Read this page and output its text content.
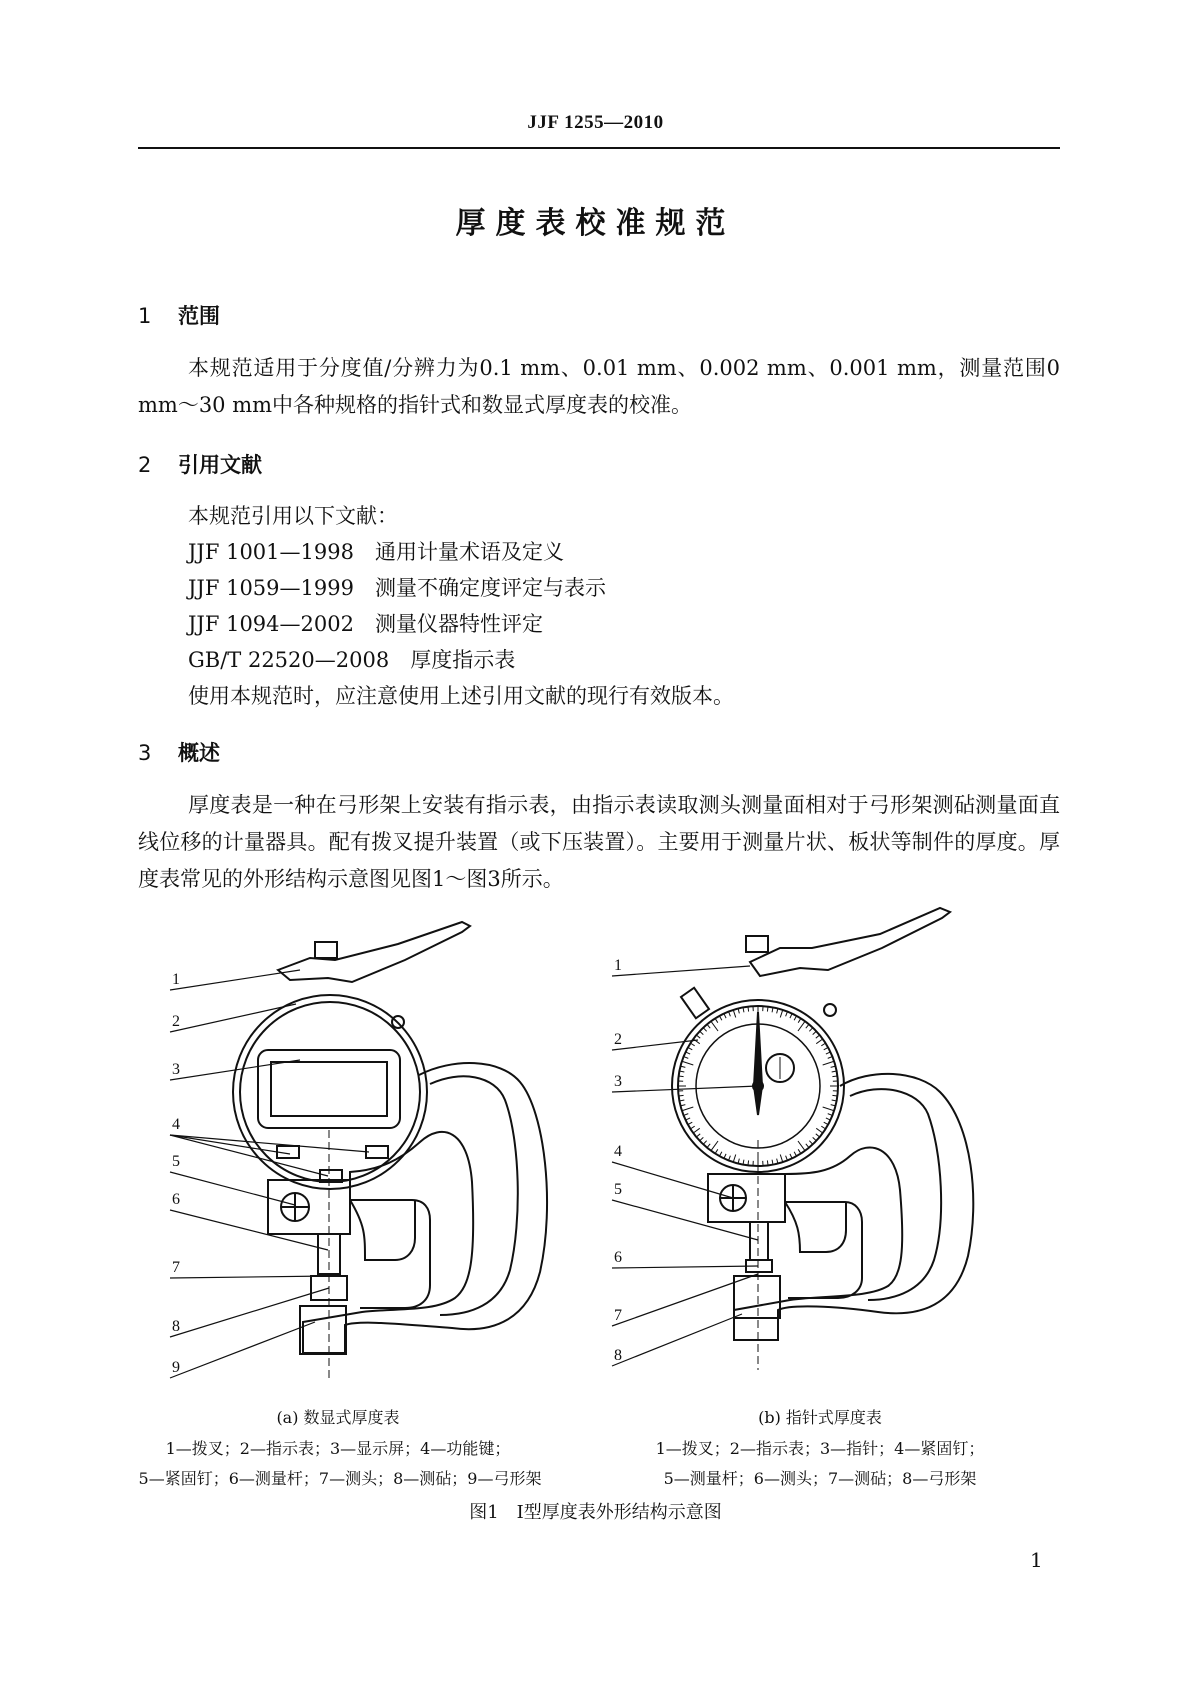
JJF 1255—2010
厚度表校准规范
1 范围
本规范适用于分度值/分辨力为0.1 mm、0.01 mm、0.002 mm、0.001 mm，测量范围0 mm～30 mm中各种规格的指针式和数显式厚度表的校准。
2 引用文献
本规范引用以下文献：
JJF 1001—1998　 通用计量术语及定义
JJF 1059—1999　 测量不确定度评定与表示
JJF 1094—2002　 测量仪器特性评定
GB/T 22520—2008　 厚度指示表
使用本规范时，应注意使用上述引用文献的现行有效版本。
3 概述
厚度表是一种在弓形架上安装有指示表，由指示表读取测头测量面相对于弓形架测砧测量面直线位移的计量器具。配有拨叉提升装置（或下压装置）。主要用于测量片状、板状等制件的厚度。厚度表常见的外形结构示意图见图1～图3所示。
1
2
3
4
5
6
7
8
9
1
2
3
4
5
6
7
8
(a) 数显式厚度表
1—拨叉；2—指示表；3—显示屏；4—功能键；
5—紧固钉；6—测量杆；7—测头；8—测砧；9—弓形架
(b) 指针式厚度表
1—拨叉；2—指示表；3—指针；4—紧固钉；
5—测量杆；6—测头；7—测砧；8—弓形架
图1　Ⅰ型厚度表外形结构示意图
1
